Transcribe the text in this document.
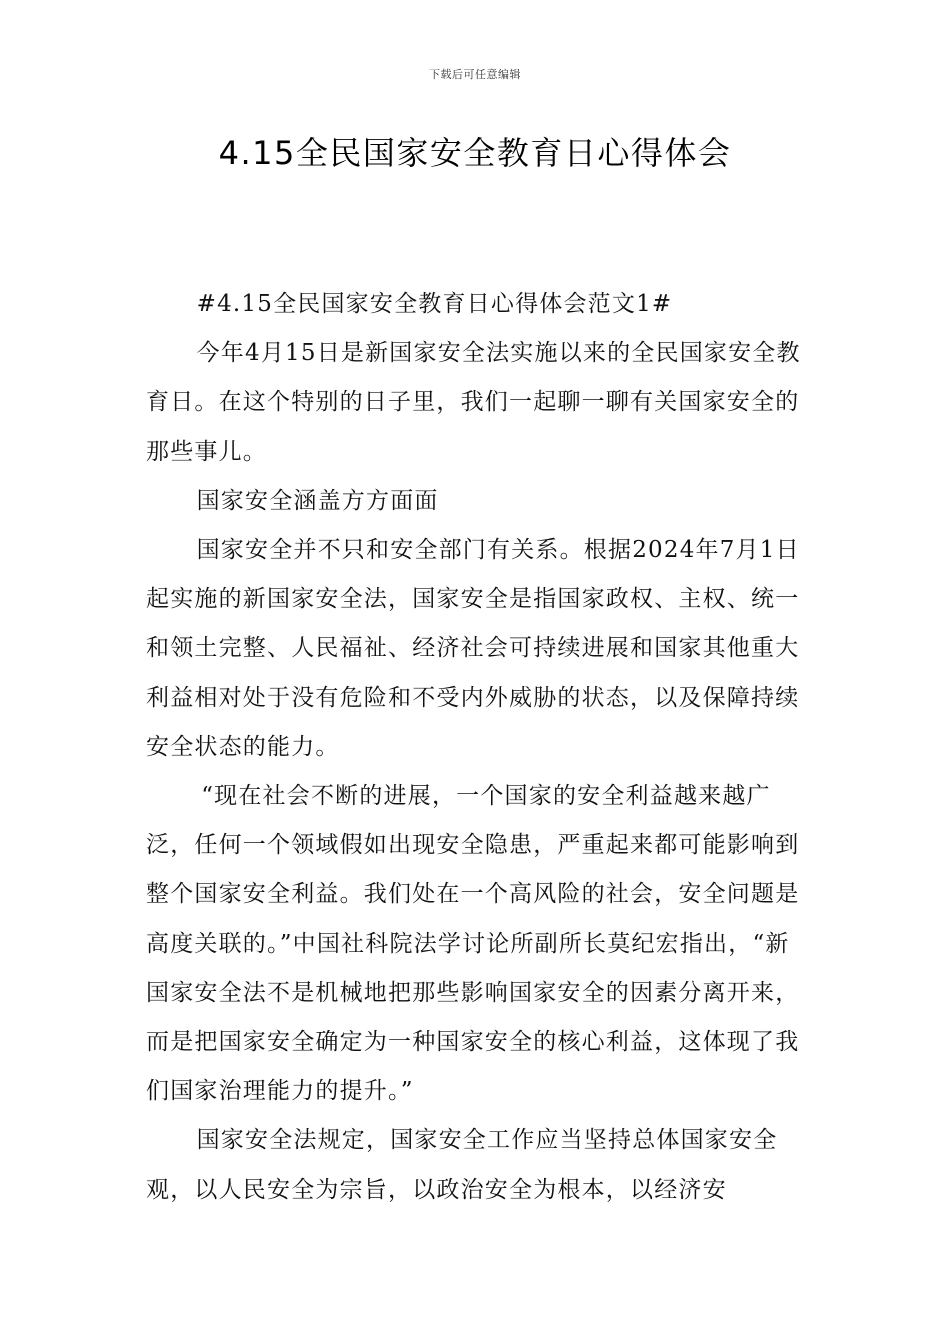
下载后可任意编辑
4.15全民国家安全教育日心得体会

#4.15全民国家安全教育日心得体会范文1#

今年4月15日是新国家安全法实施以来的全民国家安全教育日。在这个特别的日子里，我们一起聊一聊有关国家安全的那些事儿。

国家安全涵盖方方面面

国家安全并不只和安全部门有关系。根据2024年7月1日起实施的新国家安全法，国家安全是指国家政权、主权、统一和领土完整、人民福祉、经济社会可持续进展和国家其他重大利益相对处于没有危险和不受内外威胁的状态，以及保障持续安全状态的能力。

“现在社会不断的进展，一个国家的安全利益越来越广泛，任何一个领域假如出现安全隐患，严重起来都可能影响到整个国家安全利益。我们处在一个高风险的社会，安全问题是高度关联的。”中国社科院法学讨论所副所长莫纪宏指出，“新国家安全法不是机械地把那些影响国家安全的因素分离开来，而是把国家安全确定为一种国家安全的核心利益，这体现了我们国家治理能力的提升。”

国家安全法规定，国家安全工作应当坚持总体国家安全观，以人民安全为宗旨，以政治安全为根本，以经济安
